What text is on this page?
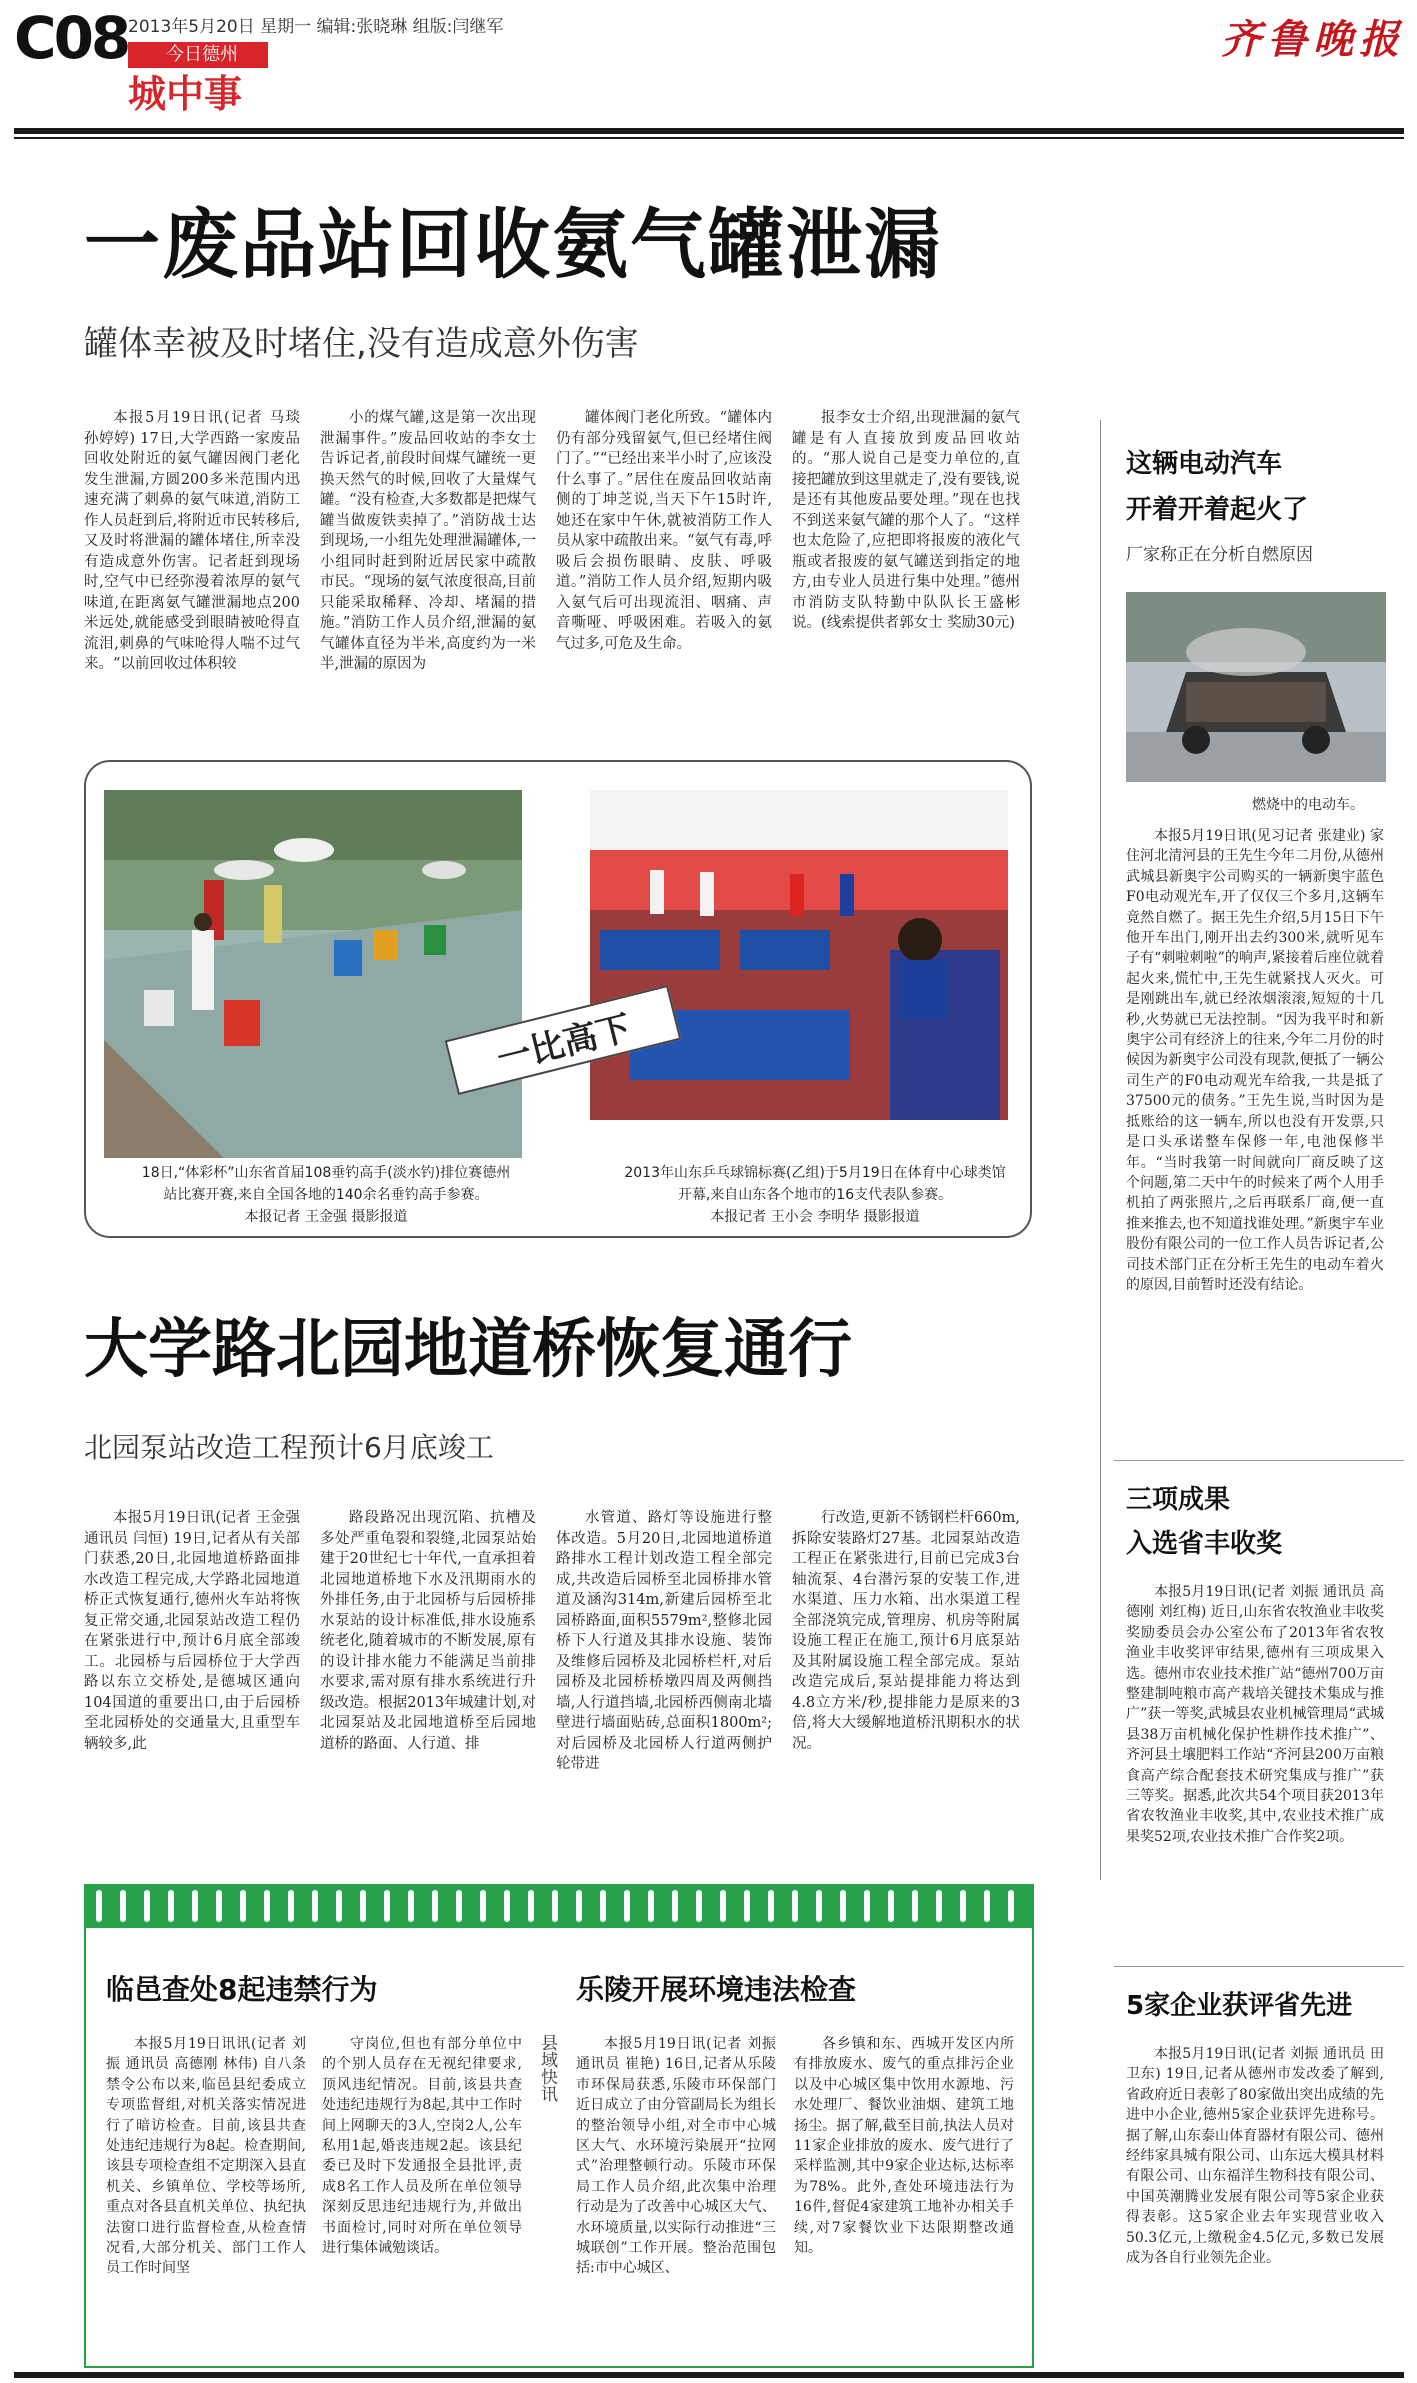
C08 2013年5月20日 星期一 编辑:张晓琳 组版:闫继军
今日德州
城中事
齐鲁晚报
一废品站回收氨气罐泄漏
罐体幸被及时堵住,没有造成意外伤害

本报5月19日讯(记者 马琰 孙婷婷) 17日,大学西路一家废品回收处附近的氨气罐因阀门老化发生泄漏,方圆200多米范围内迅速充满了刺鼻的氨气味道,消防工作人员赶到后,将附近市民转移后,又及时将泄漏的罐体堵住,所幸没有造成意外伤害。记者赶到现场时,空气中已经弥漫着浓厚的氨气味道,在距离氨气罐泄漏地点200米远处,就能感受到眼睛被呛得直流泪,刺鼻的气味呛得人喘不过气来。“以前回收过体积较

小的煤气罐,这是第一次出现泄漏事件。”废品回收站的李女士告诉记者,前段时间煤气罐统一更换天然气的时候,回收了大量煤气罐。“没有检查,大多数都是把煤气罐当做废铁卖掉了。”消防战士达到现场,一小组先处理泄漏罐体,一小组同时赶到附近居民家中疏散市民。“现场的氨气浓度很高,目前只能采取稀释、冷却、堵漏的措施。”消防工作人员介绍,泄漏的氨气罐体直径为半米,高度约为一米半,泄漏的原因为

罐体阀门老化所致。“罐体内仍有部分残留氨气,但已经堵住阀门了。”“已经出来半小时了,应该没什么事了。”居住在废品回收站南侧的丁坤芝说,当天下午15时许,她还在家中午休,就被消防工作人员从家中疏散出来。“氨气有毒,呼吸后会损伤眼睛、皮肤、呼吸道。”消防工作人员介绍,短期内吸入氨气后可出现流泪、咽痛、声音嘶哑、呼吸困难。若吸入的氨气过多,可危及生命。

报李女士介绍,出现泄漏的氨气罐是有人直接放到废品回收站的。“那人说自己是变力单位的,直接把罐放到这里就走了,没有要钱,说是还有其他废品要处理。”现在也找不到送来氨气罐的那个人了。“这样也太危险了,应把即将报废的液化气瓶或者报废的氨气罐送到指定的地方,由专业人员进行集中处理。”德州市消防支队特勤中队队长王盛彬说。(线索提供者郭女士 奖励30元)

一比高下
18日,“体彩杯”山东省首届108垂钓高手(淡水钓)排位赛德州站比赛开赛,来自全国各地的140余名垂钓高手参赛。
本报记者 王金强 摄影报道
2013年山东乒乓球锦标赛(乙组)于5月19日在体育中心球类馆开幕,来自山东各个地市的16支代表队参赛。
本报记者 王小会 李明华 摄影报道
大学路北园地道桥恢复通行
北园泵站改造工程预计6月底竣工

本报5月19日讯(记者 王金强 通讯员 闫恒) 19日,记者从有关部门获悉,20日,北园地道桥路面排水改造工程完成,大学路北园地道桥正式恢复通行,德州火车站将恢复正常交通,北园泵站改造工程仍在紧张进行中,预计6月底全部竣工。北园桥与后园桥位于大学西路以东立交桥处,是德城区通向104国道的重要出口,由于后园桥至北园桥处的交通量大,且重型车辆较多,此

路段路况出现沉陷、抗槽及多处严重龟裂和裂缝,北园泵站始建于20世纪七十年代,一直承担着北园地道桥地下水及汛期雨水的外排任务,由于北园桥与后园桥排水泵站的设计标准低,排水设施系统老化,随着城市的不断发展,原有的设计排水能力不能满足当前排水要求,需对原有排水系统进行升级改造。根据2013年城建计划,对北园泵站及北园地道桥至后园地道桥的路面、人行道、排

水管道、路灯等设施进行整体改造。5月20日,北园地道桥道路排水工程计划改造工程全部完成,共改造后园桥至北园桥排水管道及涵沟314m,新建后园桥至北园桥路面,面积5579m²,整修北园桥下人行道及其排水设施、装饰及维修后园桥及北园桥栏杆,对后园桥及北园桥桥墩四周及两侧挡墙,人行道挡墙,北园桥西侧南北墙壁进行墙面贴砖,总面积1800m²;对后园桥及北园桥人行道两侧护轮带进

行改造,更新不锈钢栏杆660m,拆除安装路灯27基。北园泵站改造工程正在紧张进行,目前已完成3台轴流泵、4台潜污泵的安装工作,进水渠道、压力水箱、出水渠道工程全部浇筑完成,管理房、机房等附属设施工程正在施工,预计6月底泵站及其附属设施工程全部完成。泵站改造完成后,泵站提排能力将达到4.8立方米/秒,提排能力是原来的3倍,将大大缓解地道桥汛期积水的状况。

这辆电动汽车
开着开着起火了
厂家称正在分析自燃原因
燃烧中的电动车。

本报5月19日讯(见习记者 张建业) 家住河北清河县的王先生今年二月份,从德州武城县新奥宇公司购买的一辆新奥宇蓝色F0电动观光车,开了仅仅三个多月,这辆车竟然自燃了。据王先生介绍,5月15日下午他开车出门,刚开出去约300米,就听见车子有“刺啦刺啦”的响声,紧接着后座位就着起火来,慌忙中,王先生就紧找人灭火。可是刚跳出车,就已经浓烟滚滚,短短的十几秒,火势就已无法控制。“因为我平时和新奥宇公司有经济上的往来,今年二月份的时候因为新奥宇公司没有现款,便抵了一辆公司生产的F0电动观光车给我,一共是抵了37500元的债务。”王先生说,当时因为是抵账给的这一辆车,所以也没有开发票,只是口头承诺整车保修一年,电池保修半年。“当时我第一时间就向厂商反映了这个问题,第二天中午的时候来了两个人用手机拍了两张照片,之后再联系厂商,便一直推来推去,也不知道找谁处理。”新奥宇车业股份有限公司的一位工作人员告诉记者,公司技术部门正在分析王先生的电动车着火的原因,目前暂时还没有结论。

三项成果
入选省丰收奖

本报5月19日讯(记者 刘振 通讯员 高德刚 刘红梅) 近日,山东省农牧渔业丰收奖奖励委员会办公室公布了2013年省农牧渔业丰收奖评审结果,德州有三项成果入选。德州市农业技术推广站“德州700万亩整建制吨粮市高产栽培关键技术集成与推广”获一等奖,武城县农业机械管理局“武城县38万亩机械化保护性耕作技术推广”、齐河县土壤肥料工作站“齐河县200万亩粮食高产综合配套技术研究集成与推广”获三等奖。据悉,此次共54个项目获2013年省农牧渔业丰收奖,其中,农业技术推广成果奖52项,农业技术推广合作奖2项。

5家企业获评省先进

本报5月19日讯(记者 刘振 通讯员 田卫东) 19日,记者从德州市发改委了解到,省政府近日表彰了80家做出突出成绩的先进中小企业,德州5家企业获评先进称号。据了解,山东泰山体育器材有限公司、德州经纬家具城有限公司、山东远大模具材料有限公司、山东福洋生物科技有限公司、中国英潮腾业发展有限公司等5家企业获得表彰。这5家企业去年实现营业收入50.3亿元,上缴税金4.5亿元,多数已发展成为各自行业领先企业。

临邑查处8起违禁行为

本报5月19日讯讯(记者 刘振 通讯员 高德刚 林伟) 自八条禁令公布以来,临邑县纪委成立专项监督组,对机关落实情况进行了暗访检查。目前,该县共查处违纪违规行为8起。检查期间,该县专项检查组不定期深入县直机关、乡镇单位、学校等场所,重点对各县直机关单位、执纪执法窗口进行监督检查,从检查情况看,大部分机关、部门工作人员工作时间坚

守岗位,但也有部分单位中的个别人员存在无视纪律要求,顶风违纪情况。目前,该县共查处违纪违规行为8起,其中工作时间上网聊天的3人,空岗2人,公车私用1起,婚丧违规2起。该县纪委已及时下发通报全县批评,责成8名工作人员及所在单位领导深刻反思违纪违规行为,并做出书面检讨,同时对所在单位领导进行集体诫勉谈话。

县域快讯
乐陵开展环境违法检查

本报5月19日讯(记者 刘振 通讯员 崔艳) 16日,记者从乐陵市环保局获悉,乐陵市环保部门近日成立了由分管副局长为组长的整治领导小组,对全市中心城区大气、水环境污染展开“拉网式”治理整顿行动。乐陵市环保局工作人员介绍,此次集中治理行动是为了改善中心城区大气、水环境质量,以实际行动推进“三城联创”工作开展。整治范围包括:市中心城区、

各乡镇和东、西城开发区内所有排放废水、废气的重点排污企业以及中心城区集中饮用水源地、污水处理厂、餐饮业油烟、建筑工地扬尘。据了解,截至目前,执法人员对11家企业排放的废水、废气进行了采样监测,其中9家企业达标,达标率为78%。此外,查处环境违法行为16件,督促4家建筑工地补办相关手续,对7家餐饮业下达限期整改通知。
